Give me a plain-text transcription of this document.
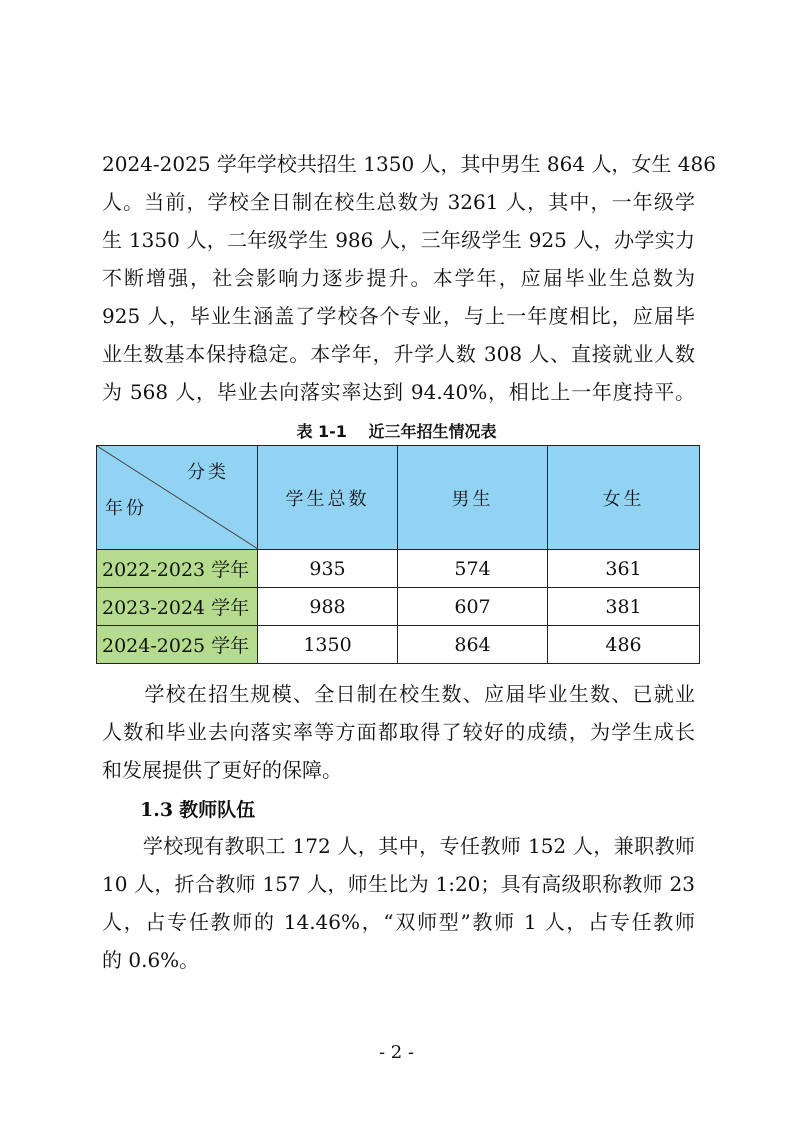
2024-2025 学年学校共招生 1350 人，其中男生 864 人，女生 486
人。当前，学校全日制在校生总数为 3261 人，其中，一年级学
生 1350 人，二年级学生 986 人，三年级学生 925 人，办学实力
不断增强，社会影响力逐步提升。本学年，应届毕业生总数为
925 人，毕业生涵盖了学校各个专业，与上一年度相比，应届毕
业生数基本保持稳定。本学年，升学人数 308 人、直接就业人数
为 568 人，毕业去向落实率达到 94.40%，相比上一年度持平。
表 1-1 近三年招生情况表
分类
年份	学生总数	男生	女生
2022-2023 学年	935	574	361
2023-2024 学年	988	607	381
2024-2025 学年	1350	864	486
　　学校在招生规模、全日制在校生数、应届毕业生数、已就业
人数和毕业去向落实率等方面都取得了较好的成绩，为学生成长
和发展提供了更好的保障。
1.3 教师队伍
　　学校现有教职工 172 人，其中，专任教师 152 人，兼职教师
10 人，折合教师 157 人，师生比为 1:20；具有高级职称教师 23
人，占专任教师的 14.46%，“双师型”教师 1 人，占专任教师
的 0.6%。
- 2 -
